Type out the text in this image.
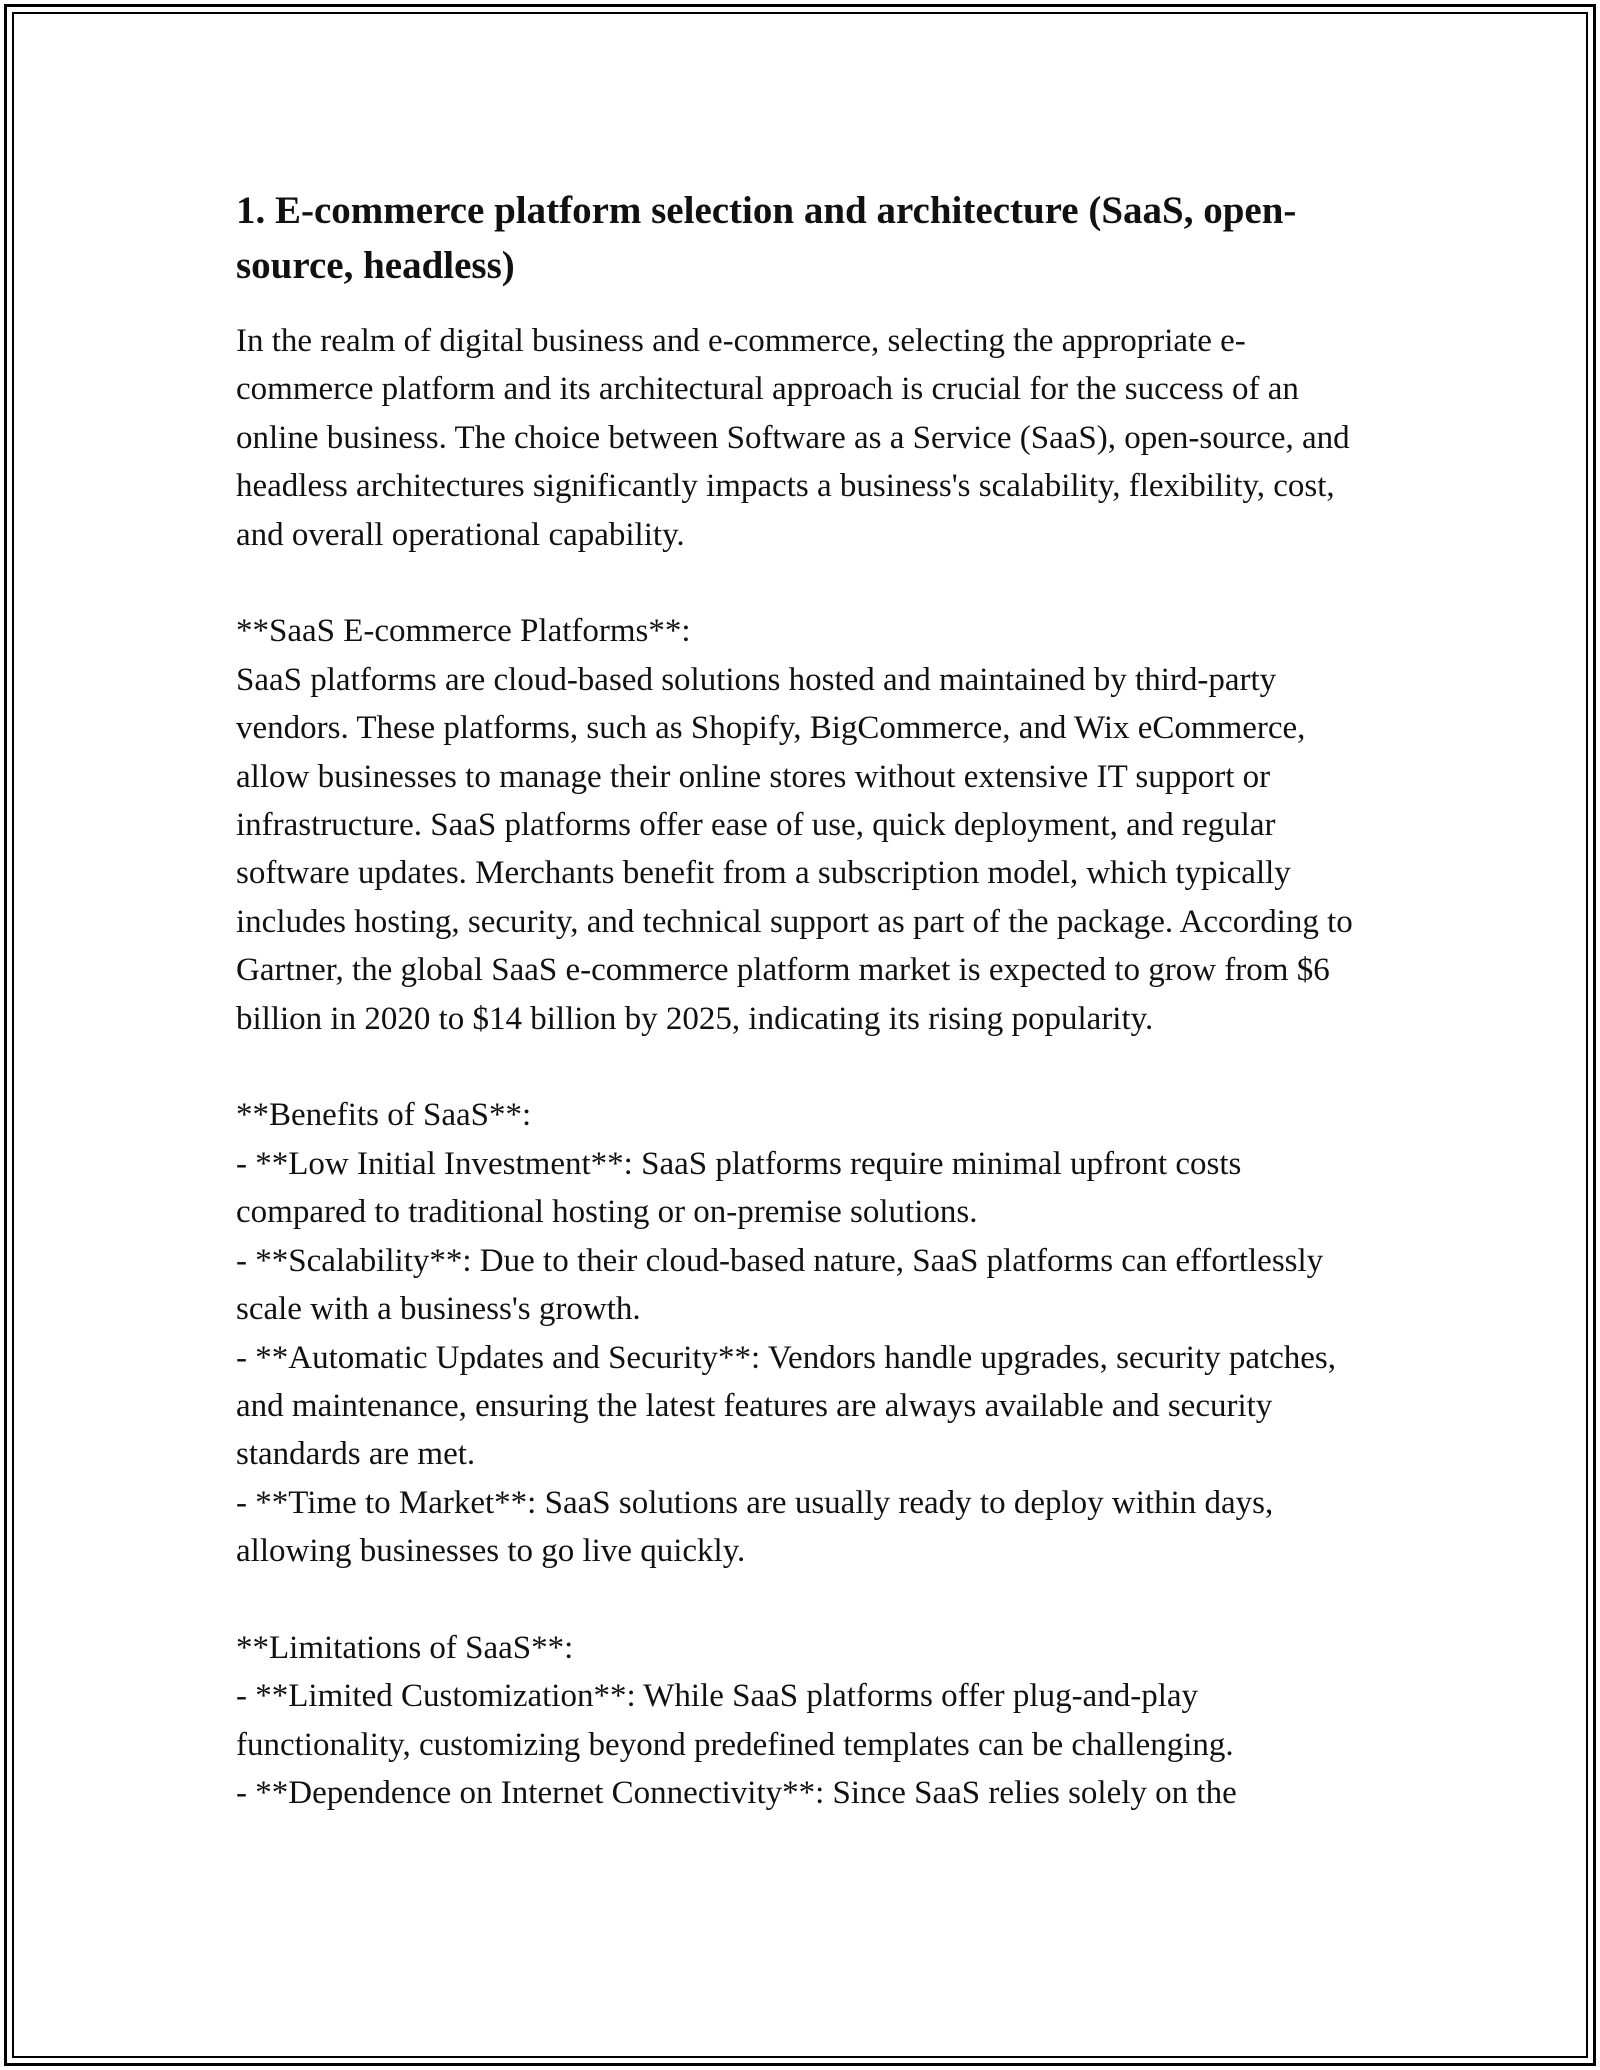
1. E-commerce platform selection and architecture (SaaS, open-source, headless)

In the realm of digital business and e-commerce, selecting the appropriate e-commerce platform and its architectural approach is crucial for the success of an online business. The choice between Software as a Service (SaaS), open-source, and headless architectures significantly impacts a business's scalability, flexibility, cost, and overall operational capability.

**SaaS E-commerce Platforms**:

SaaS platforms are cloud-based solutions hosted and maintained by third-party vendors. These platforms, such as Shopify, BigCommerce, and Wix eCommerce, allow businesses to manage their online stores without extensive IT support or infrastructure. SaaS platforms offer ease of use, quick deployment, and regular software updates. Merchants benefit from a subscription model, which typically includes hosting, security, and technical support as part of the package. According to Gartner, the global SaaS e-commerce platform market is expected to grow from $6 billion in 2020 to $14 billion by 2025, indicating its rising popularity.

**Benefits of SaaS**:
- **Low Initial Investment**: SaaS platforms require minimal upfront costs compared to traditional hosting or on-premise solutions.
- **Scalability**: Due to their cloud-based nature, SaaS platforms can effortlessly scale with a business's growth.
- **Automatic Updates and Security**: Vendors handle upgrades, security patches, and maintenance, ensuring the latest features are always available and security standards are met.
- **Time to Market**: SaaS solutions are usually ready to deploy within days, allowing businesses to go live quickly.
**Limitations of SaaS**:
- **Limited Customization**: While SaaS platforms offer plug-and-play functionality, customizing beyond predefined templates can be challenging.
- **Dependence on Internet Connectivity**: Since SaaS relies solely on the
